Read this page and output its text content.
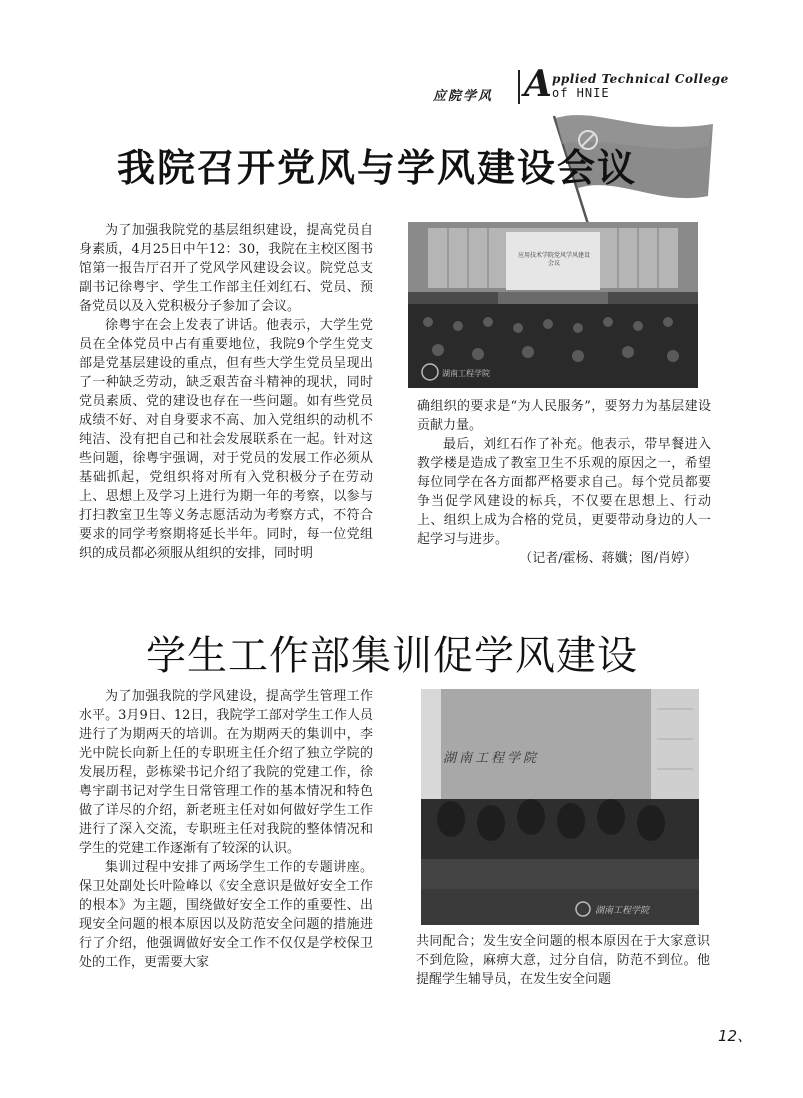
应院学风 A pplied Technical College
of HNIE
我院召开党风与学风建设会议

为了加强我院党的基层组织建设，提高党员自身素质，4月25日中午12：30，我院在主校区图书馆第一报告厅召开了党风学风建设会议。院党总支副书记徐粤宇、学生工作部主任刘红石、党员、预备党员以及入党积极分子参加了会议。

徐粤宇在会上发表了讲话。他表示，大学生党员在全体党员中占有重要地位，我院9个学生党支部是党基层建设的重点，但有些大学生党员呈现出了一种缺乏劳动，缺乏艰苦奋斗精神的现状，同时党员素质、党的建设也存在一些问题。如有些党员成绩不好、对自身要求不高、加入党组织的动机不纯洁、没有把自己和社会发展联系在一起。针对这些问题，徐粤宇强调，对于党员的发展工作必须从基础抓起，党组织将对所有入党积极分子在劳动上、思想上及学习上进行为期一年的考察，以参与打扫教室卫生等义务志愿活动为考察方式，不符合要求的同学考察期将延长半年。同时，每一位党组织的成员都必须服从组织的安排，同时明

应用技术学院党风学风建设会议
湖南工程学院

确组织的要求是“为人民服务”，要努力为基层建设贡献力量。

最后，刘红石作了补充。他表示，带早餐进入教学楼是造成了教室卫生不乐观的原因之一，希望每位同学在各方面都严格要求自己。每个党员都要争当促学风建设的标兵，不仅要在思想上、行动上、组织上成为合格的党员，更要带动身边的人一起学习与进步。

（记者/霍杨、蒋孅；图/肖婷）

学生工作部集训促学风建设

为了加强我院的学风建设，提高学生管理工作水平。3月9日、12日，我院学工部对学生工作人员进行了为期两天的培训。在为期两天的集训中，李光中院长向新上任的专职班主任介绍了独立学院的发展历程，彭栋梁书记介绍了我院的党建工作，徐粤宇副书记对学生日常管理工作的基本情况和特色做了详尽的介绍，新老班主任对如何做好学生工作进行了深入交流，专职班主任对我院的整体情况和学生的党建工作逐渐有了较深的认识。

集训过程中安排了两场学生工作的专题讲座。保卫处副处长叶险峰以《安全意识是做好安全工作的根本》为主题，围绕做好安全工作的重要性、出现安全问题的根本原因以及防范安全问题的措施进行了介绍，他强调做好安全工作不仅仅是学校保卫处的工作，更需要大家

湖南工程学院
湖南工程学院

共同配合；发生安全问题的根本原因在于大家意识不到危险，麻痹大意，过分自信，防范不到位。他提醒学生辅导员，在发生安全问题

12、
